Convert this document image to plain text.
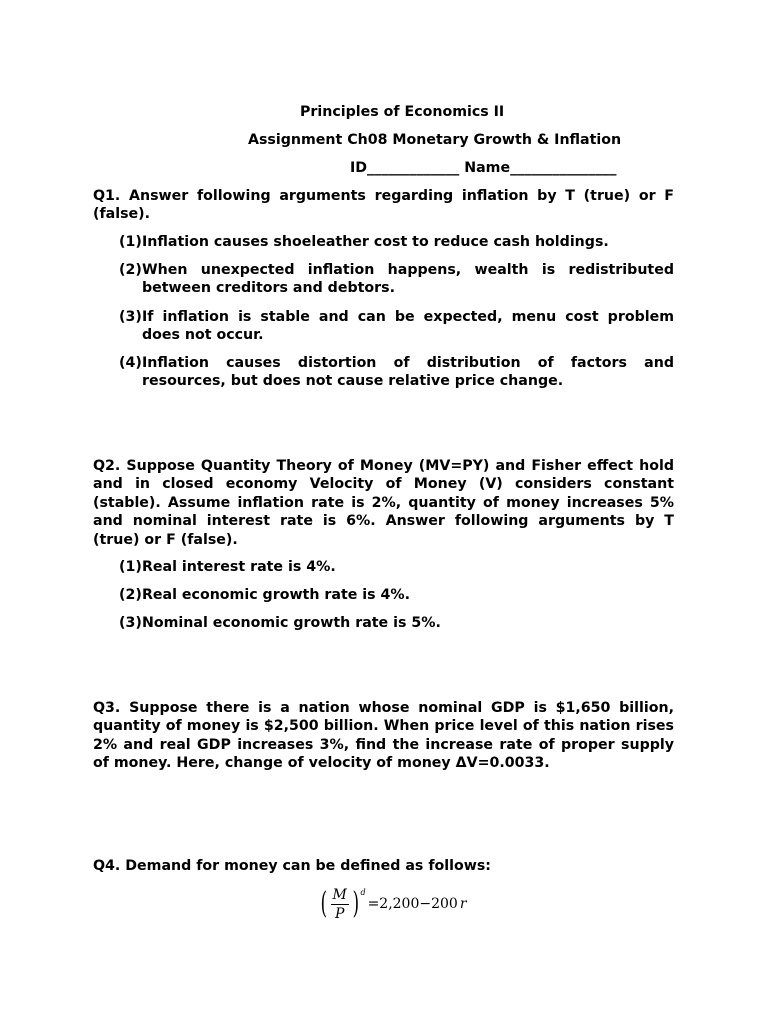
Principles of Economics II
Assignment Ch08 Monetary Growth & Inflation
ID_____________ Name_______________
Q1. Answer following arguments regarding inflation by T (true) or F (false).
(1)Inflation causes shoeleather cost to reduce cash holdings.
(2)When unexpected inflation happens, wealth is redistributed between creditors and debtors.
(3)If inflation is stable and can be expected, menu cost problem does not occur.
(4)Inflation causes distortion of distribution of factors and resources, but does not cause relative price change.
Q2. Suppose Quantity Theory of Money (MV=PY) and Fisher effect hold and in closed economy Velocity of Money (V) considers constant (stable). Assume inflation rate is 2%, quantity of money increases 5% and nominal interest rate is 6%. Answer following arguments by T (true) or F (false).
(1)Real interest rate is 4%.
(2)Real economic growth rate is 4%.
(3)Nominal economic growth rate is 5%.
Q3. Suppose there is a nation whose nominal GDP is $1,650 billion, quantity of money is $2,500 billion. When price level of this nation rises 2% and real GDP increases 3%, find the increase rate of proper supply of money. Here, change of velocity of money ΔV=0.0033.
Q4. Demand for money can be defined as follows:
( $\frac{M}{P}$ ) d
=2,200−200 r
